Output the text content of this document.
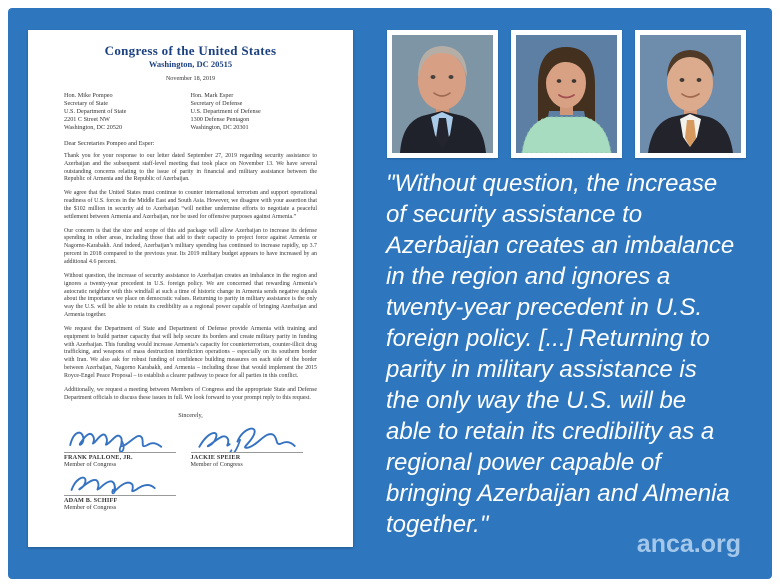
Congress of the United States
Washington, DC 20515
November 18, 2019
Hon. Mike Pompeo
Secretary of State
U.S. Department of State
2201 C Street NW
Washington, DC 20520
Hon. Mark Esper
Secretary of Defense
U.S. Department of Defense
1300 Defense Pentagon
Washington, DC 20301
Dear Secretaries Pompeo and Esper:

Thank you for your response to our letter dated September 27, 2019 regarding security assistance to Azerbaijan and the subsequent staff-level meeting that took place on November 13. We have several outstanding concerns relating to the issue of parity in financial and military assistance between the Republic of Armenia and the Republic of Azerbaijan.

We agree that the United States must continue to counter international terrorism and support operational readiness of U.S. forces in the Middle East and South Asia. However, we disagree with your assertion that the $102 million in security aid to Azerbaijan “will neither undermine efforts to negotiate a peaceful settlement between Armenia and Azerbaijan, nor be used for offensive purposes against Armenia.”

Our concern is that the size and scope of this aid package will allow Azerbaijan to increase its defense spending in other areas, including those that add to their capacity to project force against Armenia or Nagorno-Karabakh. And indeed, Azerbaijan’s military spending has continued to increase rapidly, up 3.7 percent in 2018 compared to the previous year. Its 2019 military budget appears to have increased by an additional 4.6 percent.

Without question, the increase of security assistance to Azerbaijan creates an imbalance in the region and ignores a twenty-year precedent in U.S. foreign policy. We are concerned that rewarding Armenia’s autocratic neighbor with this windfall at such a time of historic change in Armenia sends negative signals about the importance we place on democratic values. Returning to parity in military assistance is the only way the U.S. will be able to retain its credibility as a regional power capable of bringing Azerbaijan and Armenia together.

We request the Department of State and Department of Defense provide Armenia with training and equipment to build partner capacity that will help secure its borders and create military parity in funding with Azerbaijan. This funding would increase Armenia’s capacity for counterterrorism, counter-illicit drug trafficking, and weapons of mass destruction interdiction operations – especially on its southern border with Iran. We also ask for robust funding of confidence building measures on each side of the border between Azerbaijan, Nagorno Karabakh, and Armenia – including those that would implement the 2015 Royce-Engel Peace Proposal – to establish a clearer pathway to peace for all parties in this conflict.

Additionally, we request a meeting between Members of Congress and the appropriate State and Defense Department officials to discuss these issues in full. We look forward to your prompt reply to this request.

Sincerely,
FRANK PALLONE, JR.
Member of Congress
JACKIE SPEIER
Member of Congress
ADAM B. SCHIFF
Member of Congress
"Without question, the increase
of security assistance to
Azerbaijan creates an imbalance
in the region and ignores a
twenty-year precedent in U.S.
foreign policy. [...] Returning to
parity in military assistance is
the only way the U.S. will be
able to retain its credibility as a
regional power capable of
bringing Azerbaijan and Almenia
together."
anca.org
